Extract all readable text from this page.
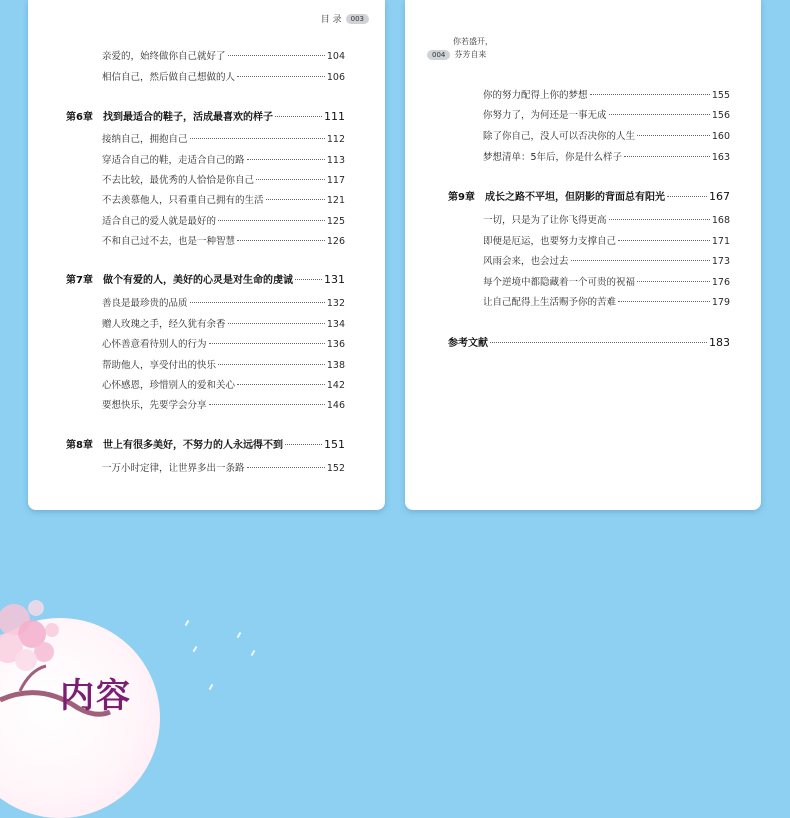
目 录 003
亲爱的，始终做你自己就好了	104
相信自己，然后做自己想做的人	106
第6章 找到最适合的鞋子，活成最喜欢的样子	111
接纳自己，拥抱自己	112
穿适合自己的鞋，走适合自己的路	113
不去比较，最优秀的人恰恰是你自己	117
不去羡慕他人，只看重自己拥有的生活	121
适合自己的爱人就是最好的	125
不和自己过不去，也是一种智慧	126
第7章 做个有爱的人，美好的心灵是对生命的虔诚	131
善良是最珍贵的品质	132
赠人玫瑰之手，经久犹有余香	134
心怀善意看待别人的行为	136
帮助他人，享受付出的快乐	138
心怀感恩，珍惜别人的爱和关心	142
要想快乐，先要学会分享	146
第8章 世上有很多美好，不努力的人永远得不到	151
一万小时定律，让世界多出一条路	152
你若盛开，
004 芬芳自来
你的努力配得上你的梦想	155
你努力了，为何还是一事无成	156
除了你自己，没人可以否决你的人生	160
梦想清单：5年后，你是什么样子	163
第9章 成长之路不平坦，但阴影的背面总有阳光	167
一切，只是为了让你飞得更高	168
即便是厄运，也要努力支撑自己	171
风雨会来，也会过去	173
每个逆境中都隐藏着一个可贵的祝福	176
让自己配得上生活赐予你的苦难	179
参考文献	183
内容
